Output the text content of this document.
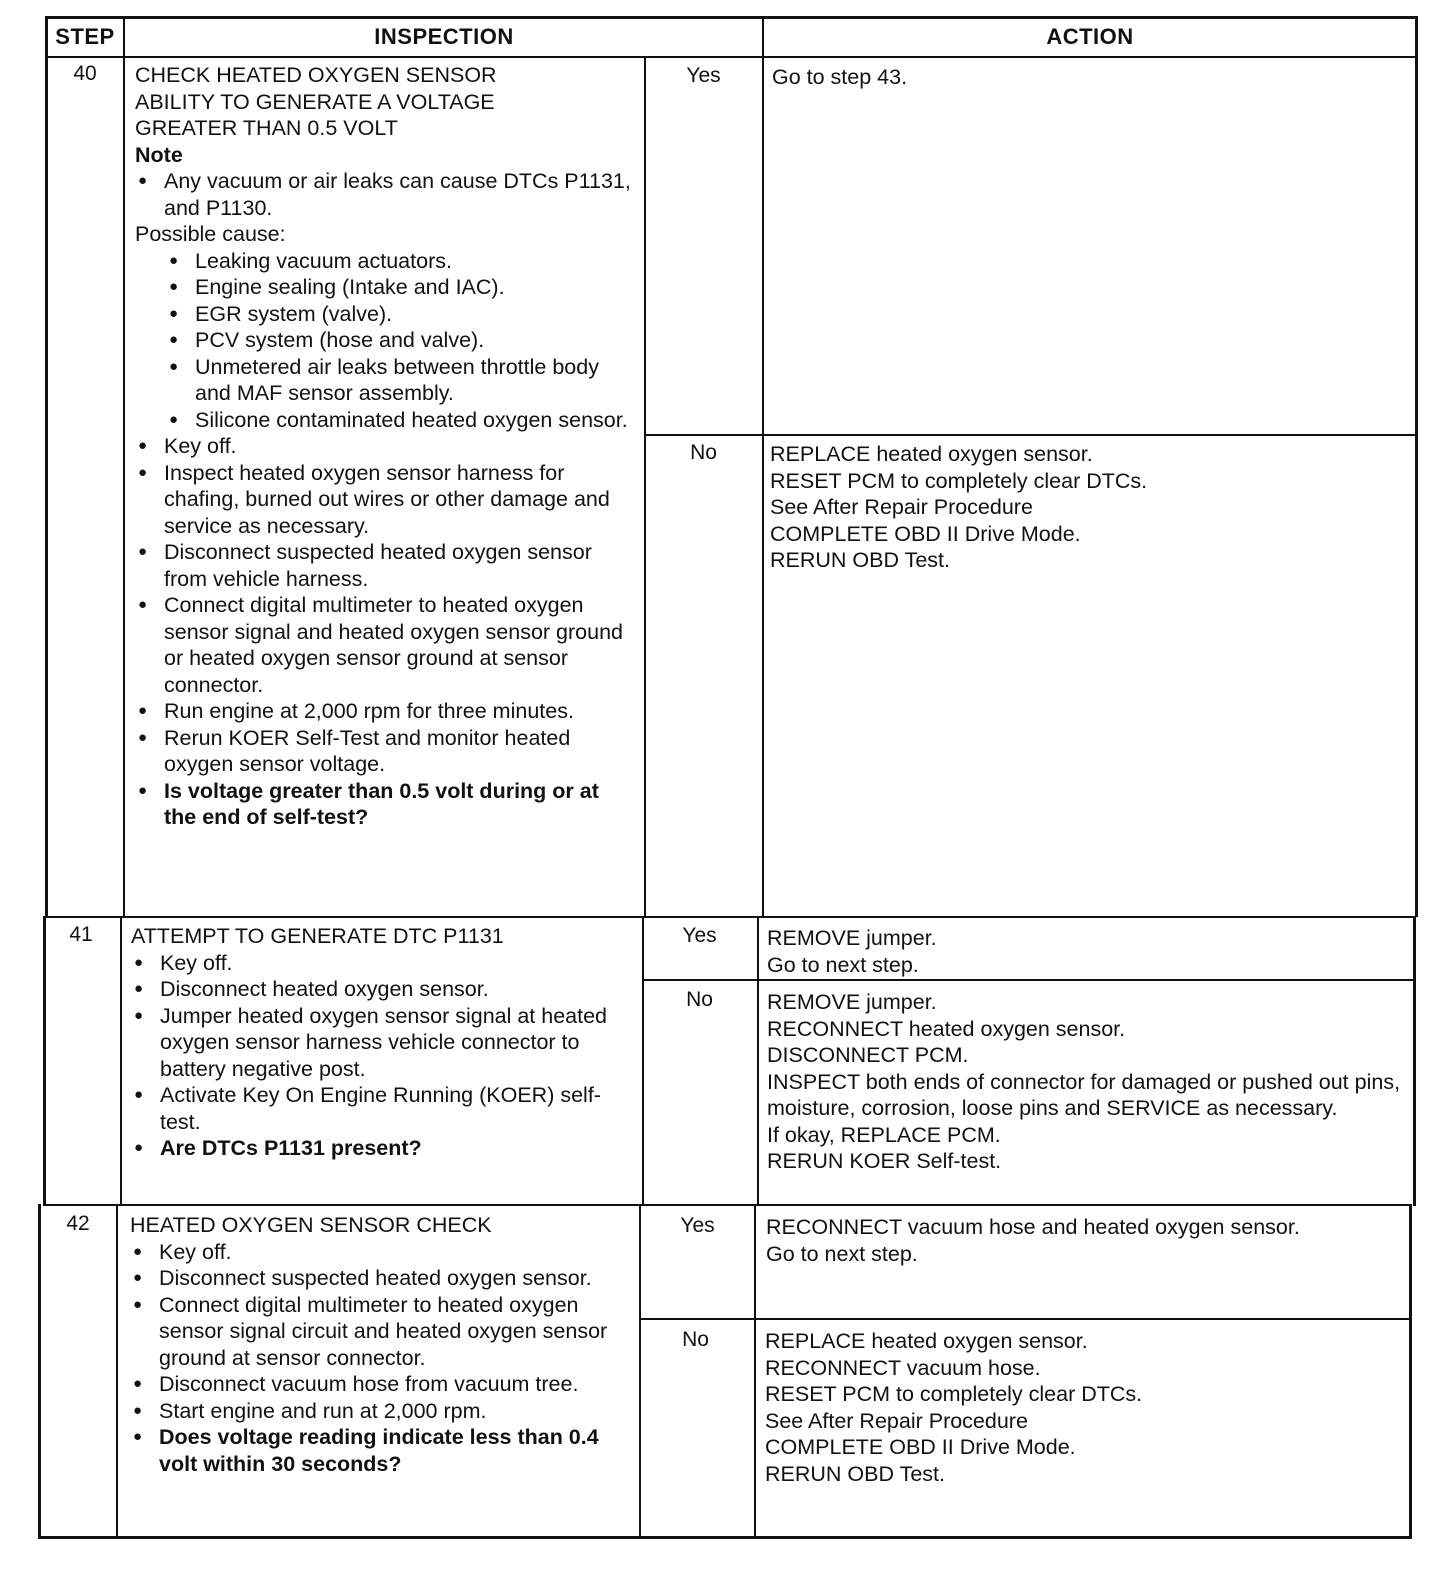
STEP	INSPECTION	ACTION
40	CHECK HEATED OXYGEN SENSOR
ABILITY TO GENERATE A VOLTAGE
GREATER THAN 0.5 VOLT

Note

● Any vacuum or air leaks can cause DTCs P1131, and P1130.

Possible cause:

● Leaking vacuum actuators.
● Engine sealing (Intake and IAC).
● EGR system (valve).
● PCV system (hose and valve).
● Unmetered air leaks between throttle body and MAF sensor assembly.
● Silicone contaminated heated oxygen sensor.
● Key off.
● Inspect heated oxygen sensor harness for chafing, burned out wires or other damage and service as necessary.
● Disconnect suspected heated oxygen sensor from vehicle harness.
● Connect digital multimeter to heated oxygen sensor signal and heated oxygen sensor ground or heated oxygen sensor ground at sensor connector.
● Run engine at 2,000 rpm for three minutes.
● Rerun KOER Self-Test and monitor heated oxygen sensor voltage.
● Is voltage greater than 0.5 volt during or at the end of self-test?
Yes	Go to step 43.

No	REPLACE heated oxygen sensor.

RESET PCM to completely clear DTCs.

See After Repair Procedure

COMPLETE OBD II Drive Mode.

RERUN OBD Test.

41	ATTEMPT TO GENERATE DTC P1131

● Key off.
● Disconnect heated oxygen sensor.
● Jumper heated oxygen sensor signal at heated oxygen sensor harness vehicle connector to battery negative post.
● Activate Key On Engine Running (KOER) self-test.
● Are DTCs P1131 present?
Yes	REMOVE jumper.

Go to next step.

No	REMOVE jumper.

RECONNECT heated oxygen sensor.

DISCONNECT PCM.

INSPECT both ends of connector for damaged or pushed out pins, moisture, corrosion, loose pins and SERVICE as necessary.

If okay, REPLACE PCM.

RERUN KOER Self-test.

42	HEATED OXYGEN SENSOR CHECK

● Key off.
● Disconnect suspected heated oxygen sensor.
● Connect digital multimeter to heated oxygen sensor signal circuit and heated oxygen sensor ground at sensor connector.
● Disconnect vacuum hose from vacuum tree.
● Start engine and run at 2,000 rpm.
● Does voltage reading indicate less than 0.4 volt within 30 seconds?
Yes	RECONNECT vacuum hose and heated oxygen sensor.

Go to next step.

No	REPLACE heated oxygen sensor.

RECONNECT vacuum hose.

RESET PCM to completely clear DTCs.

See After Repair Procedure

COMPLETE OBD II Drive Mode.

RERUN OBD Test.
